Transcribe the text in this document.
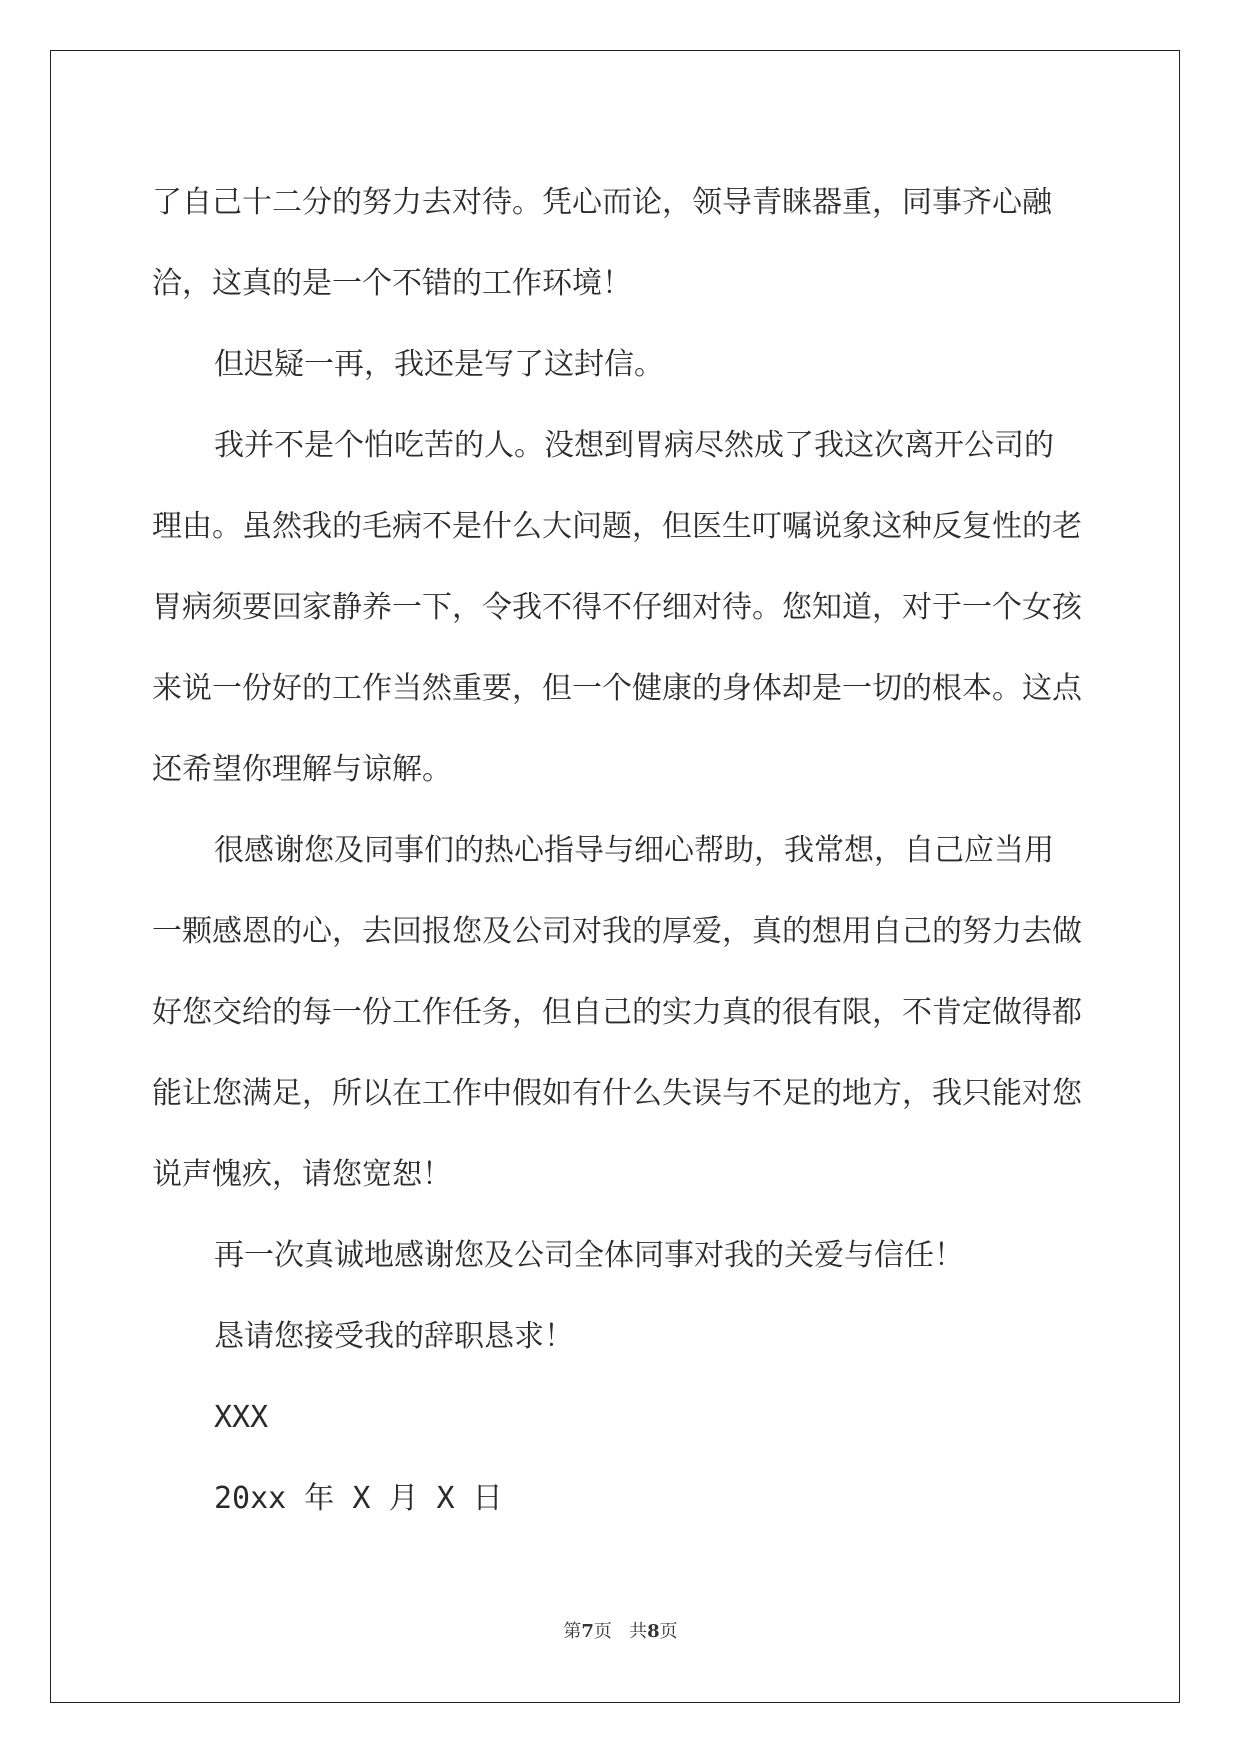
了自己十二分的努力去对待。凭心而论，领导青睐器重，同事齐心融洽，这真的是一个不错的工作环境！

但迟疑一再，我还是写了这封信。

我并不是个怕吃苦的人。没想到胃病尽然成了我这次离开公司的理由。虽然我的毛病不是什么大问题，但医生叮嘱说象这种反复性的老胃病须要回家静养一下，令我不得不仔细对待。您知道，对于一个女孩来说一份好的工作当然重要，但一个健康的身体却是一切的根本。这点还希望你理解与谅解。

很感谢您及同事们的热心指导与细心帮助，我常想，自己应当用一颗感恩的心，去回报您及公司对我的厚爱，真的想用自己的努力去做好您交给的每一份工作任务，但自己的实力真的很有限，不肯定做得都能让您满足，所以在工作中假如有什么失误与不足的地方，我只能对您说声愧疚，请您宽恕！

再一次真诚地感谢您及公司全体同事对我的关爱与信任！

恳请您接受我的辞职恳求！

XXX

20xx 年 X 月 X 日

第7页 共8页
